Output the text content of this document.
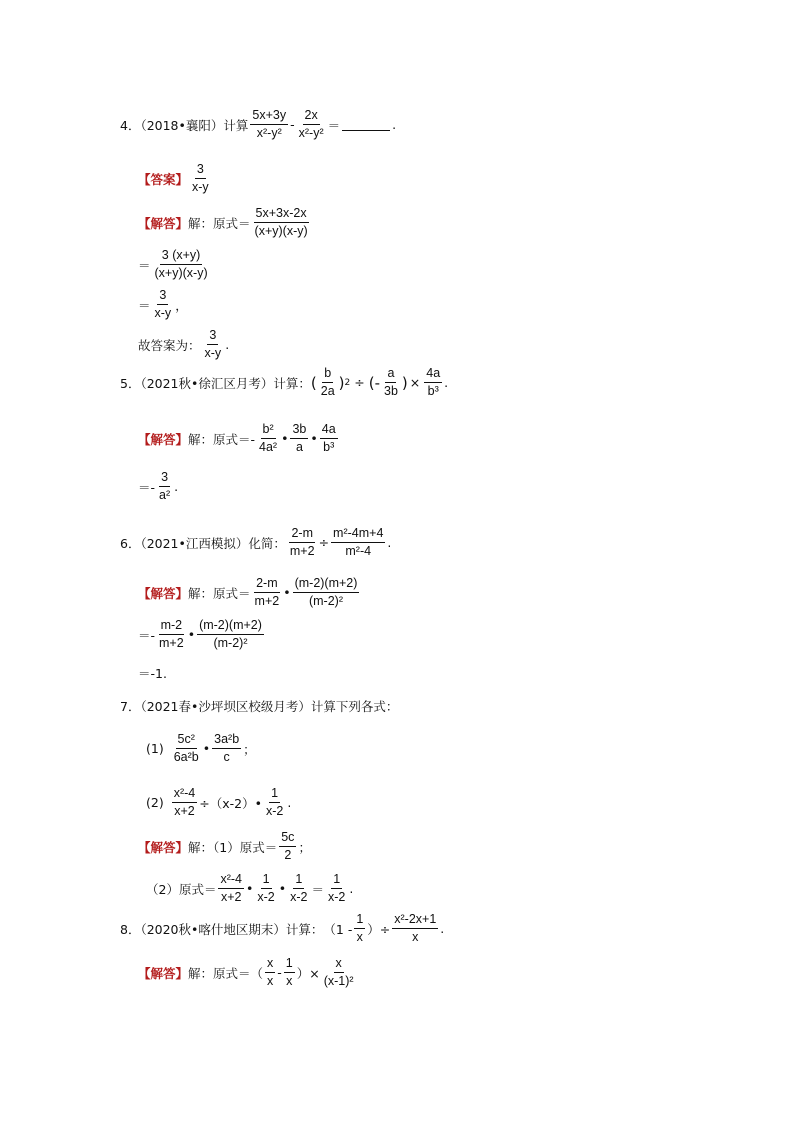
4．（2018•襄阳）计算 $\frac{5x+3y}{\text{x²-y²}} - \frac{2x}{\text{x²-y²}}$ ＝	.
【答案】 $\frac{3}{x-y}$
【解答】 解：原式＝ $\frac{5x+3x-2x}{(x+y)(x-y)}$
＝ $\frac{3 (x+y)}{(x+y)(x-y)}$
＝ $\frac{3}{x-y}$ ，
故答案为： $\frac{3}{x-y}$ .
5．（2021秋•徐汇区月考）计算： ( $\frac{b}{2a}$ ) 2 ÷ (- $\frac{a}{3b}$ ) × $\frac{4a}{\text{b³}}$ .
【解答】 解：原式＝- $\frac{\text{b²}}{\text{4a²}}$ • $\frac{3b}{a}$ • $\frac{4a}{\text{b³}}$
＝- $\frac{3}{\text{a²}}$ .
6．（2021•江西模拟）化简： $\frac{2-m}{m+2} \div \frac{\text{m²-4m+4}}{\text{m²-4}}$ .
【解答】 解：原式＝ $\frac{2-m}{m+2}$ • $\frac{(m-2)(m+2)}{\text{(m-2)²}}$
＝- $\frac{m-2}{m+2}$ • $\frac{(m-2)(m+2)}{\text{(m-2)²}}$
＝-1.
7．（2021春•沙坪坝区校级月考）计算下列各式：
$(1) \frac{\text{5c²}}{\text{6a²b}}$ • $\frac{\text{3a²b}}{c}$ ；
$(2) \frac{\text{x²-4}}{x+2}$ ÷（x-2）• $\frac{1}{x-2}$ .
【解答】 解：（1）原式＝ $\frac{5c}{2}$ ；
（2）原式＝ $\frac{\text{x²-4}}{x+2}$ • $\frac{1}{x-2}$ • $\frac{1}{x-2} = \frac{1}{x-2}$ .
8．（2020秋•喀什地区期末）计算： （$1 - \frac{1}{x}$ ）÷ $\frac{\text{x²-2x+1}}{x}$ .
【解答】 解：原式＝（ $\frac{x}{x} - \frac{1}{x}$ ）× $\frac{x}{\text{(x-1)²}}$
